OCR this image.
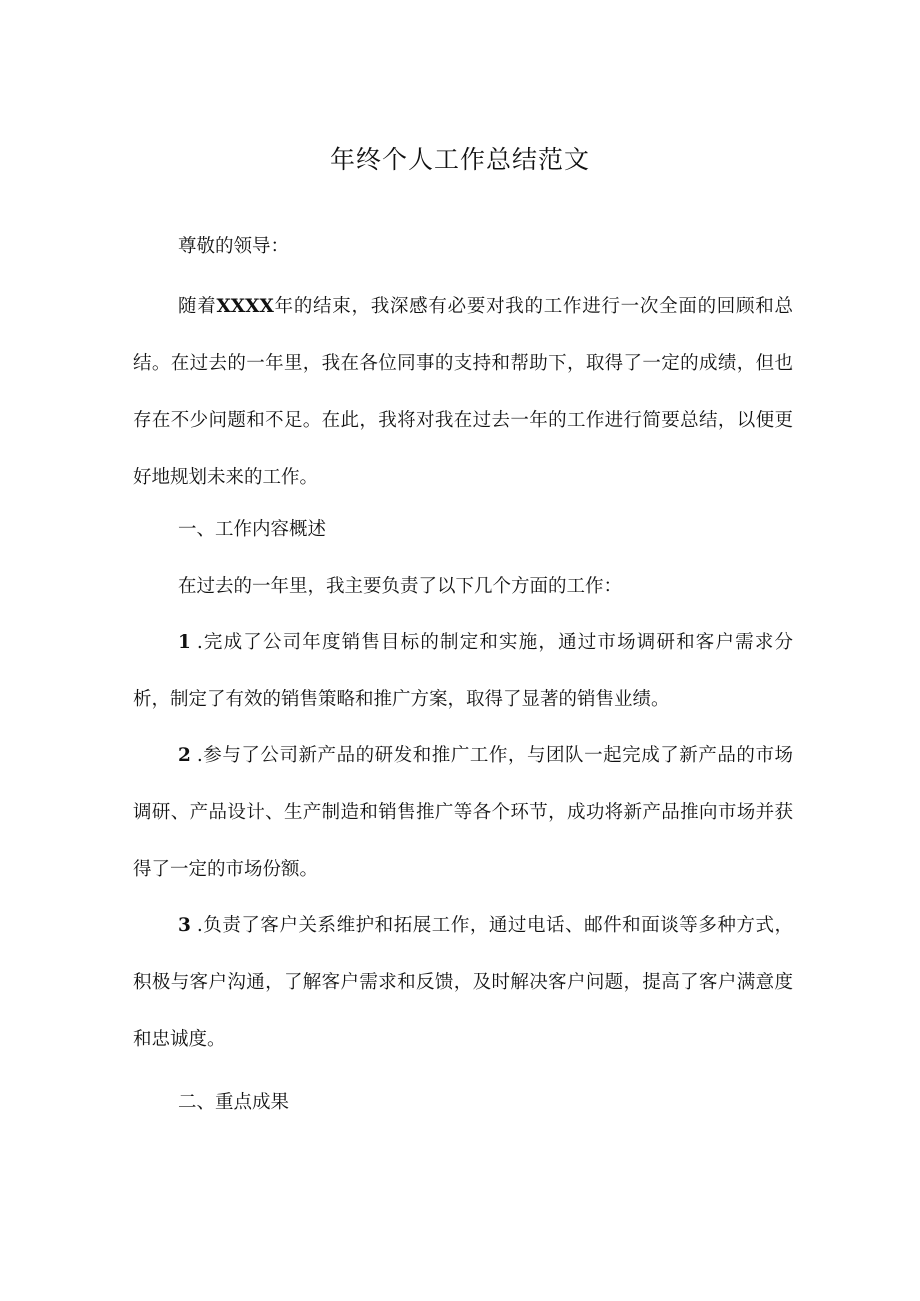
年终个人工作总结范文
尊敬的领导：

随着XXXX年的结束，我深感有必要对我的工作进行一次全面的回顾和总结。在过去的一年里，我在各位同事的支持和帮助下，取得了一定的成绩，但也存在不少问题和不足。在此，我将对我在过去一年的工作进行简要总结，以便更好地规划未来的工作。

一、工作内容概述
在过去的一年里，我主要负责了以下几个方面的工作：

1 .完成了公司年度销售目标的制定和实施，通过市场调研和客户需求分析，制定了有效的销售策略和推广方案，取得了显著的销售业绩。

2 .参与了公司新产品的研发和推广工作，与团队一起完成了新产品的市场调研、产品设计、生产制造和销售推广等各个环节，成功将新产品推向市场并获得了一定的市场份额。

3 .负责了客户关系维护和拓展工作，通过电话、邮件和面谈等多种方式，积极与客户沟通，了解客户需求和反馈，及时解决客户问题，提高了客户满意度和忠诚度。

二、重点成果
